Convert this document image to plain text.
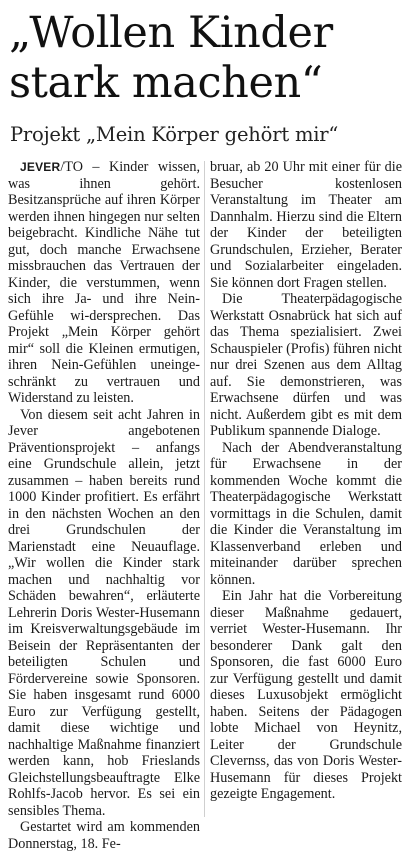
„Wollen Kinder
stark machen“
Projekt „Mein Körper gehört mir“

JEVER/TO – Kinder wissen, was ihnen gehört. Besitzansprüche auf ihren Körper werden ihnen hingegen nur selten beigebracht. Kindliche Nähe tut gut, doch manche Erwachsene missbrauchen das Vertrauen der Kinder, die verstummen, wenn sich ihre Ja- und ihre Nein-Gefühle wi-dersprechen. Das Projekt „Mein Körper gehört mir“ soll die Kleinen ermutigen, ihren Nein-Gefühlen uneinge-schränkt zu vertrauen und Widerstand zu leisten.

Von diesem seit acht Jahren in Jever angebotenen Präventionsprojekt – anfangs eine Grundschule allein, jetzt zusammen – haben bereits rund 1000 Kinder profitiert. Es erfährt in den nächsten Wochen an den drei Grundschulen der Marienstadt eine Neuauflage. „Wir wollen die Kinder stark machen und nachhaltig vor Schäden bewahren“, erläuterte Lehrerin Doris Wester-Husemann im Kreisverwaltungsgebäude im Beisein der Repräsentanten der beteiligten Schulen und Fördervereine sowie Sponsoren. Sie haben insgesamt rund 6000 Euro zur Verfügung gestellt, damit diese wichtige und nachhaltige Maßnahme finanziert werden kann, hob Frieslands Gleichstellungsbeauftragte Elke Rohlfs-Jacob hervor. Es sei ein sensibles Thema.

Gestartet wird am kommenden Donnerstag, 18. Fe-

bruar, ab 20 Uhr mit einer für die Besucher kostenlosen Veranstaltung im Theater am Dannhalm. Hierzu sind die Eltern der Kinder der beteiligten Grundschulen, Erzieher, Berater und Sozialarbeiter eingeladen. Sie können dort Fragen stellen.

Die Theaterpädagogische Werkstatt Osnabrück hat sich auf das Thema spezialisiert. Zwei Schauspieler (Profis) führen nicht nur drei Szenen aus dem Alltag auf. Sie demonstrieren, was Erwachsene dürfen und was nicht. Außerdem gibt es mit dem Publikum spannende Dialoge.

Nach der Abendveranstaltung für Erwachsene in der kommenden Woche kommt die Theaterpädagogische Werkstatt vormittags in die Schulen, damit die Kinder die Veranstaltung im Klassenverband erleben und miteinander darüber sprechen können.

Ein Jahr hat die Vorbereitung dieser Maßnahme gedauert, verriet Wester-Husemann. Ihr besonderer Dank galt den Sponsoren, die fast 6000 Euro zur Verfügung gestellt und damit dieses Luxusobjekt ermöglicht haben. Seitens der Pädagogen lobte Michael von Heynitz, Leiter der Grundschule Clevernss, das von Doris Wester-Husemann für dieses Projekt gezeigte Engagement.
